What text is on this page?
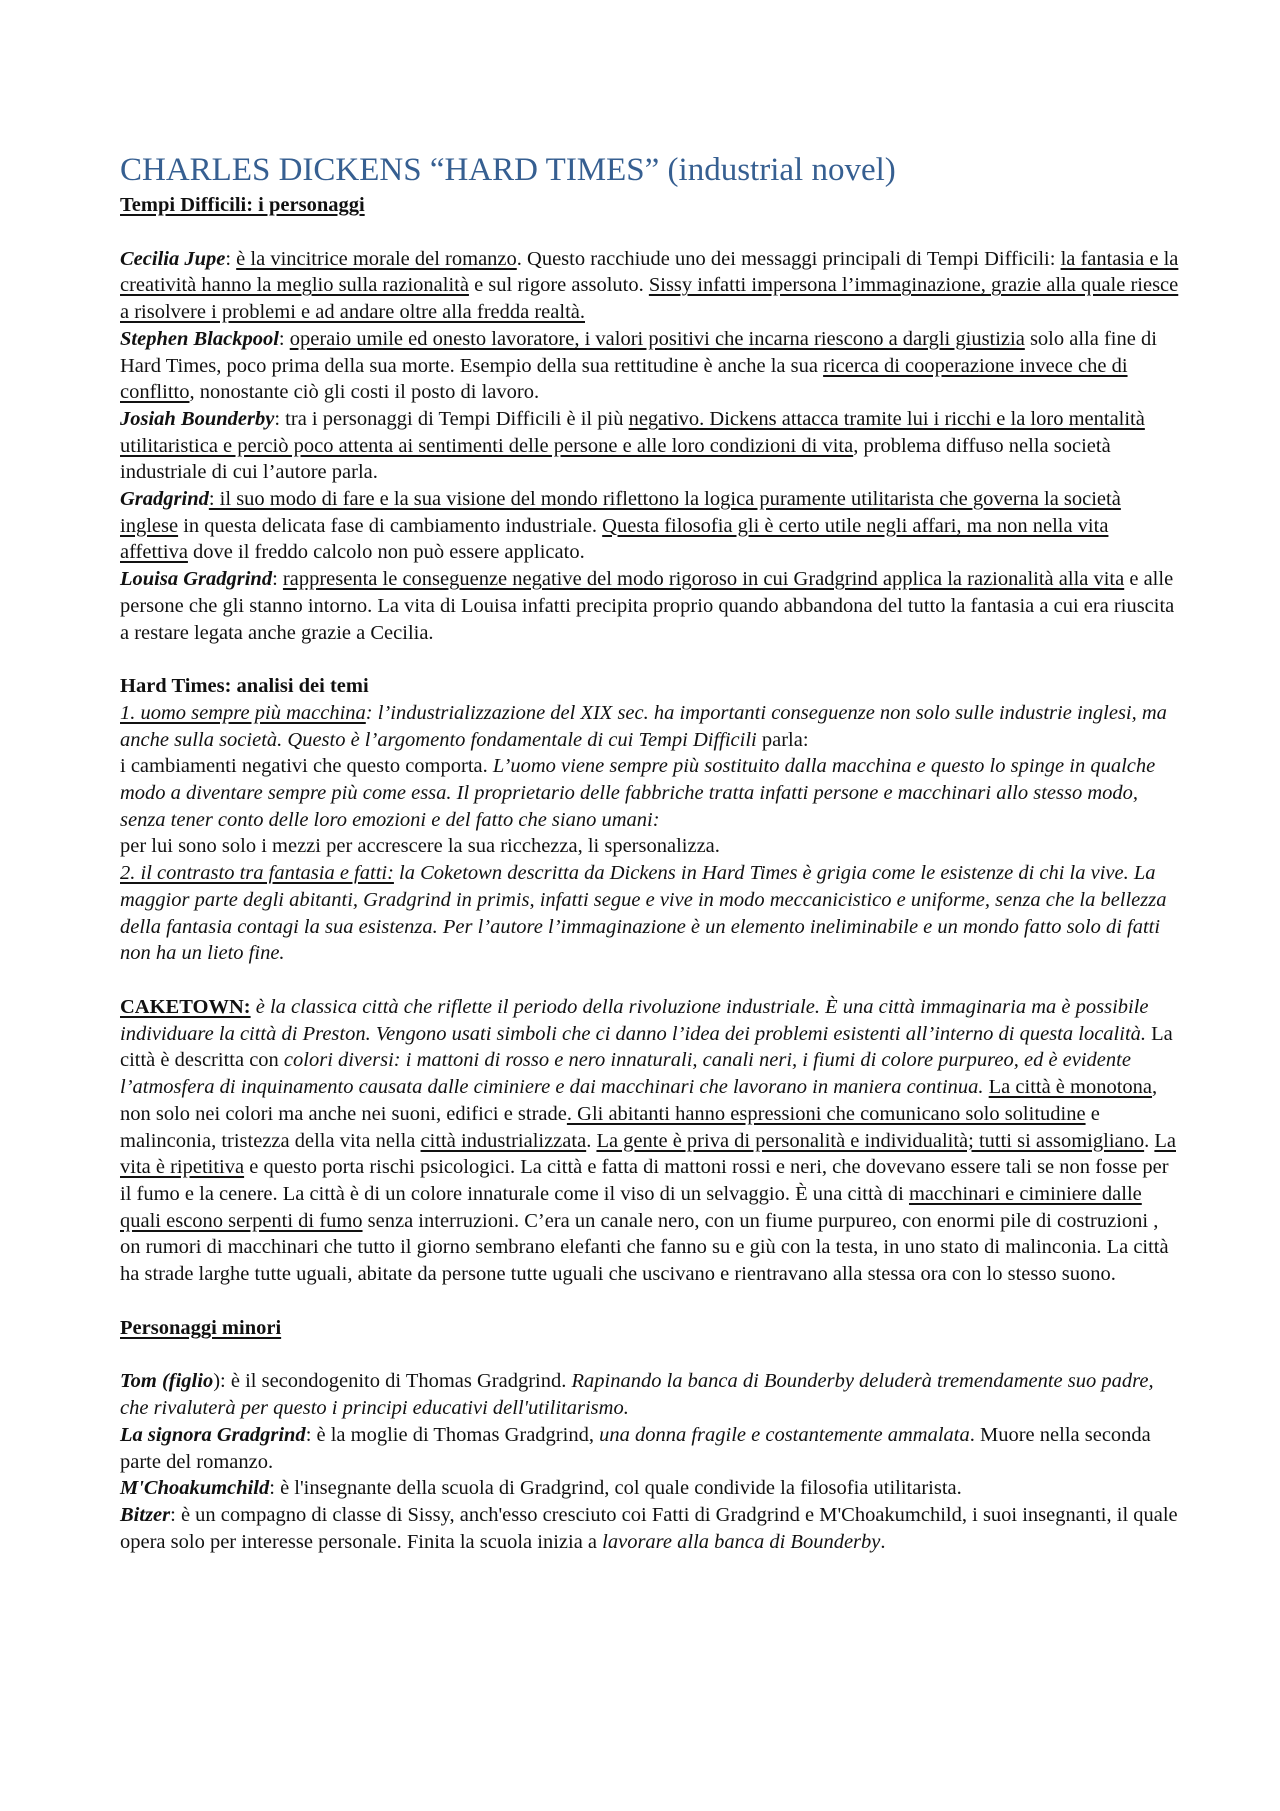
CHARLES DICKENS “HARD TIMES” (industrial novel)

Tempi Difficili: i personaggi

Cecilia Jupe: è la vincitrice morale del romanzo. Questo racchiude uno dei messaggi principali di Tempi Difficili: la fantasia e la creatività hanno la meglio sulla razionalità e sul rigore assoluto. Sissy infatti impersona l’immaginazione, grazie alla quale riesce a risolvere i problemi e ad andare oltre alla fredda realtà.

Stephen Blackpool: operaio umile ed onesto lavoratore, i valori positivi che incarna riescono a dargli giustizia solo alla fine di Hard Times, poco prima della sua morte. Esempio della sua rettitudine è anche la sua ricerca di cooperazione invece che di conflitto, nonostante ciò gli costi il posto di lavoro.

Josiah Bounderby: tra i personaggi di Tempi Difficili è il più negativo. Dickens attacca tramite lui i ricchi e la loro mentalità utilitaristica e perciò poco attenta ai sentimenti delle persone e alle loro condizioni di vita, problema diffuso nella società industriale di cui l’autore parla.

Gradgrind: il suo modo di fare e la sua visione del mondo riflettono la logica puramente utilitarista che governa la società inglese in questa delicata fase di cambiamento industriale. Questa filosofia gli è certo utile negli affari, ma non nella vita affettiva dove il freddo calcolo non può essere applicato.

Louisa Gradgrind: rappresenta le conseguenze negative del modo rigoroso in cui Gradgrind applica la razionalità alla vita e alle persone che gli stanno intorno. La vita di Louisa infatti precipita proprio quando abbandona del tutto la fantasia a cui era riuscita a restare legata anche grazie a Cecilia.

Hard Times: analisi dei temi

1. uomo sempre più macchina: l’industrializzazione del XIX sec. ha importanti conseguenze non solo sulle industrie inglesi, ma anche sulla società. Questo è l’argomento fondamentale di cui Tempi Difficili parla:
i cambiamenti negativi che questo comporta. L’uomo viene sempre più sostituito dalla macchina e questo lo spinge in qualche modo a diventare sempre più come essa. Il proprietario delle fabbriche tratta infatti persone e macchinari allo stesso modo, senza tener conto delle loro emozioni e del fatto che siano umani:
per lui sono solo i mezzi per accrescere la sua ricchezza, li spersonalizza.

2. il contrasto tra fantasia e fatti: la Coketown descritta da Dickens in Hard Times è grigia come le esistenze di chi la vive. La maggior parte degli abitanti, Gradgrind in primis, infatti segue e vive in modo meccanicistico e uniforme, senza che la bellezza della fantasia contagi la sua esistenza. Per l’autore l’immaginazione è un elemento ineliminabile e un mondo fatto solo di fatti non ha un lieto fine.

CAKETOWN: è la classica città che riflette il periodo della rivoluzione industriale. È una città immaginaria ma è possibile individuare la città di Preston. Vengono usati simboli che ci danno l’idea dei problemi esistenti all’interno di questa località. La città è descritta con colori diversi: i mattoni di rosso e nero innaturali, canali neri, i fiumi di colore purpureo, ed è evidente l’atmosfera di inquinamento causata dalle ciminiere e dai macchinari che lavorano in maniera continua. La città è monotona, non solo nei colori ma anche nei suoni, edifici e strade. Gli abitanti hanno espressioni che comunicano solo solitudine e malinconia, tristezza della vita nella città industrializzata. La gente è priva di personalità e individualità; tutti si assomigliano. La vita è ripetitiva e questo porta rischi psicologici. La città e fatta di mattoni rossi e neri, che dovevano essere tali se non fosse per il fumo e la cenere. La città è di un colore innaturale come il viso di un selvaggio. È una città di macchinari e ciminiere dalle quali escono serpenti di fumo senza interruzioni. C’era un canale nero, con un fiume purpureo, con enormi pile di costruzioni , on rumori di macchinari che tutto il giorno sembrano elefanti che fanno su e giù con la testa, in uno stato di malinconia. La città ha strade larghe tutte uguali, abitate da persone tutte uguali che uscivano e rientravano alla stessa ora con lo stesso suono.

Personaggi minori

Tom (figlio): è il secondogenito di Thomas Gradgrind. Rapinando la banca di Bounderby deluderà tremendamente suo padre, che rivaluterà per questo i principi educativi dell'utilitarismo.

La signora Gradgrind: è la moglie di Thomas Gradgrind, una donna fragile e costantemente ammalata. Muore nella seconda parte del romanzo.

M'Choakumchild: è l'insegnante della scuola di Gradgrind, col quale condivide la filosofia utilitarista.

Bitzer: è un compagno di classe di Sissy, anch'esso cresciuto coi Fatti di Gradgrind e M'Choakumchild, i suoi insegnanti, il quale opera solo per interesse personale. Finita la scuola inizia a lavorare alla banca di Bounderby.
